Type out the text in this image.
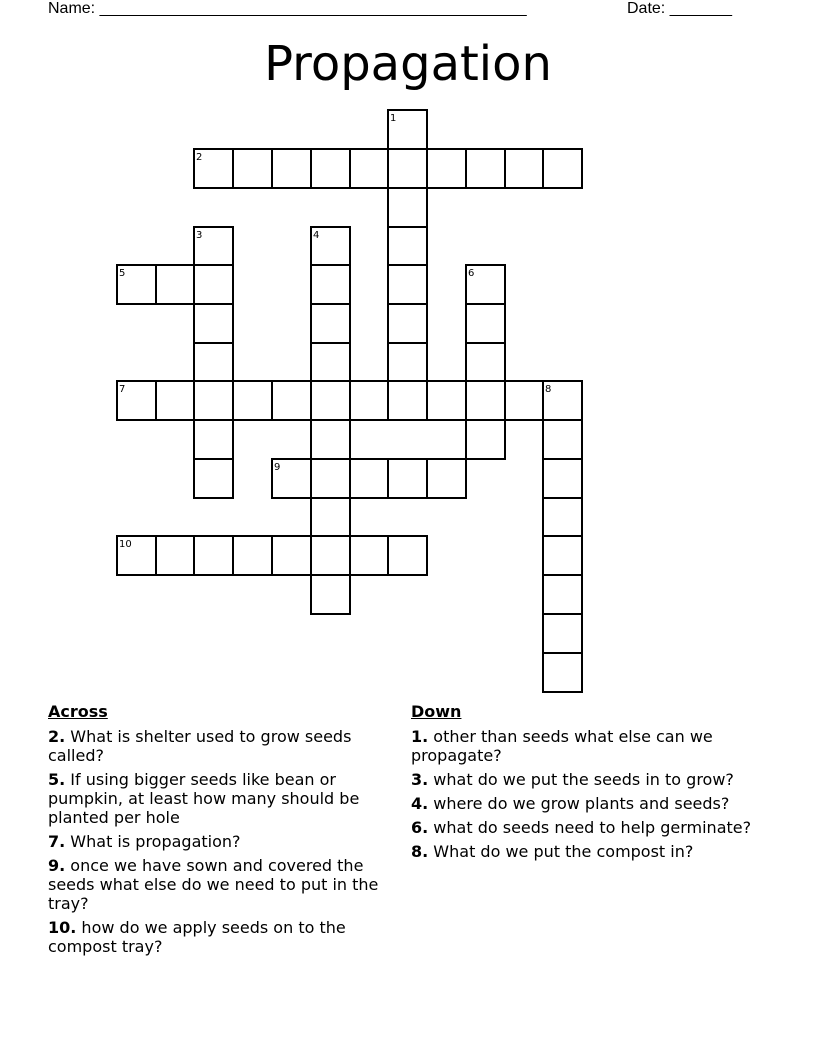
Name: ________________________________________________	Date: _______
Propagation
1
2
3	4
5	6
7	8
9
10
Across
2. What is shelter used to grow seeds called?
5. If using bigger seeds like bean or pumpkin, at least how many should be planted per hole
7. What is propagation?
9. once we have sown and covered the seeds what else do we need to put in the tray?
10. how do we apply seeds on to the compost tray?
Down
1. other than seeds what else can we propagate?
3. what do we put the seeds in to grow?
4. where do we grow plants and seeds?
6. what do seeds need to help germinate?
8. What do we put the compost in?
